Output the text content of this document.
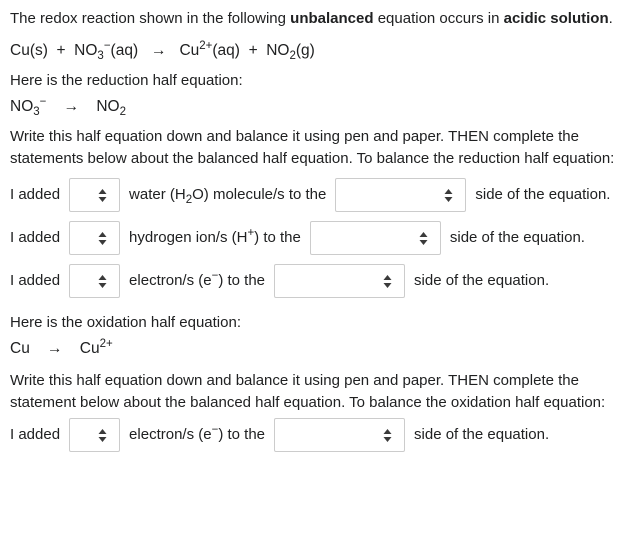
The redox reaction shown in the following unbalanced equation occurs in acidic solution.
$Cu(s) + NO_3^-(aq) \to Cu^{2+}(aq) + NO_2(g)$
Here is the reduction half equation:
$NO_3^-$    →    $NO_2$
Write this half equation down and balance it using pen and paper. THEN complete the statements below about the balanced half equation. To balance the reduction half equation:
I added	water $(H_2O)$ molecule/s to the	side of the equation.
I added	hydrogen ion/s (H+) to the	side of the equation.
I added	electron/s (e−) to the	side of the equation.
Here is the oxidation half equation:
Cu    →    $Cu^{2+}$
Write this half equation down and balance it using pen and paper. THEN complete the statement below about the balanced half equation. To balance the oxidation half equation:
I added	electron/s (e−) to the	side of the equation.
